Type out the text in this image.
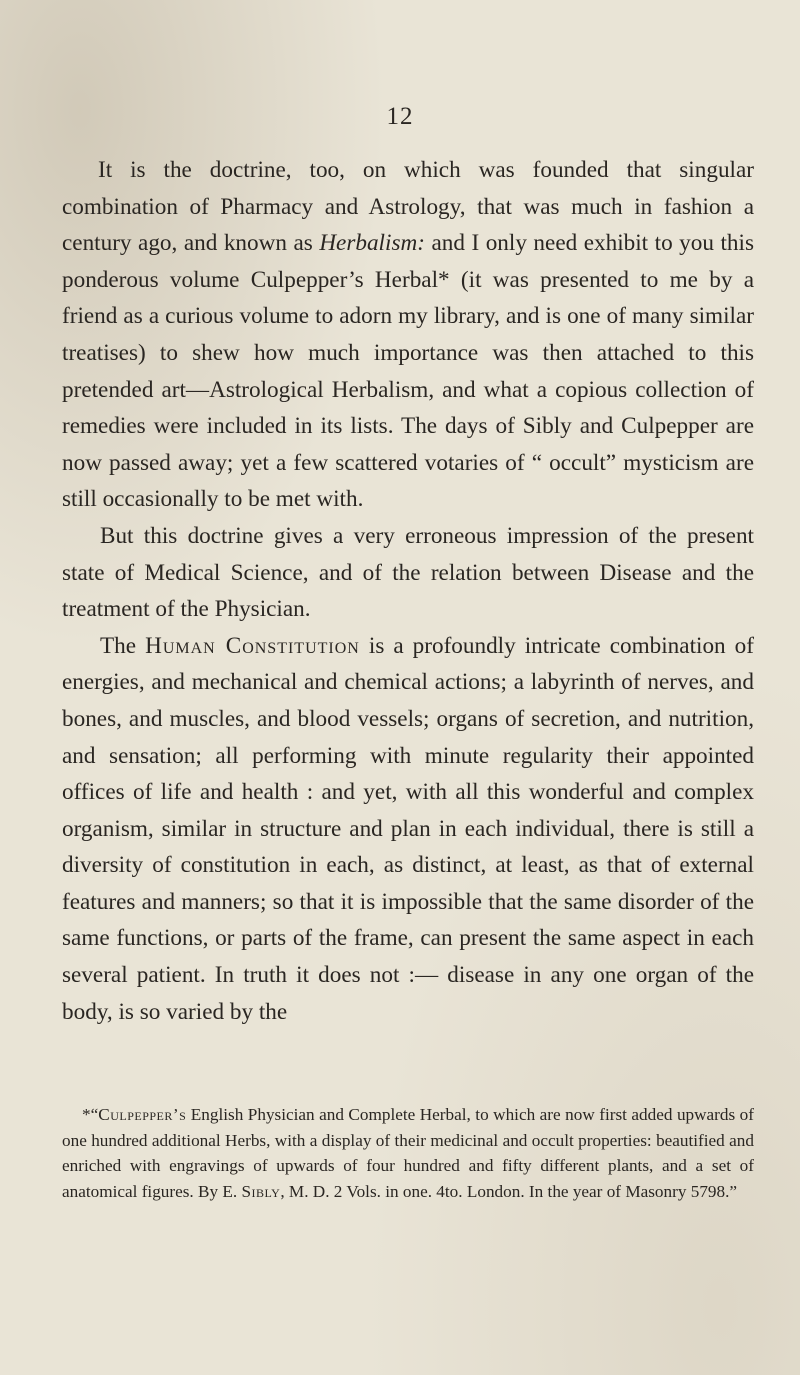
12

It is the doctrine, too, on which was founded that singular combination of Pharmacy and Astrology, that was much in fashion a century ago, and known as Herbalism: and I only need exhibit to you this ponderous volume Culpepper’s Herbal* (it was presented to me by a friend as a curious volume to adorn my library, and is one of many similar treatises) to shew how much importance was then attached to this pretended art—Astrological Herbalism, and what a copious collection of remedies were included in its lists. The days of Sibly and Culpepper are now passed away; yet a few scattered votaries of “ occult” mysticism are still occasionally to be met with.

But this doctrine gives a very erroneous impression of the present state of Medical Science, and of the relation between Disease and the treatment of the Physician.

The Human Constitution is a profoundly intricate combination of energies, and mechanical and chemical actions; a labyrinth of nerves, and bones, and muscles, and blood vessels; organs of secretion, and nutrition, and sensation; all performing with minute regularity their appointed offices of life and health : and yet, with all this wonderful and complex organism, similar in structure and plan in each individual, there is still a diversity of constitution in each, as distinct, at least, as that of external features and manners; so that it is impossible that the same disorder of the same functions, or parts of the frame, can present the same aspect in each several patient. In truth it does not :— disease in any one organ of the body, is so varied by the

*“Culpepper’s English Physician and Complete Herbal, to which are now first added upwards of one hundred additional Herbs, with a display of their medicinal and occult properties: beautified and enriched with engravings of upwards of four hundred and fifty different plants, and a set of anatomical figures. By E. Sibly, M. D. 2 Vols. in one. 4to. London. In the year of Masonry 5798.”
